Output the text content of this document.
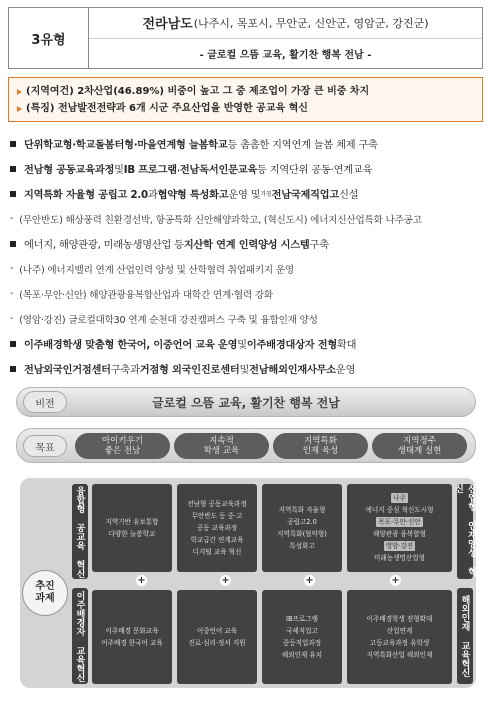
3유형
전라남도 (나주시, 목포시, 무안군, 신안군, 영암군, 강진군)
- 글로컬 으뜸 교육, 활기찬 행복 전남 -
(지역여건) 2차산업(46.89%) 비중이 높고 그 중 제조업이 가장 큰 비중 차지
(특징) 전남발전전략과 6개 시군 주요산업을 반영한 공교육 혁신
단위학교형·학교돌봄터형·마을연계형 늘봄학교 등 촘촘한 지역연계 늘봄 체제 구축
전남형 공동교육과정 및 IB 프로그램 , 전남독서인문교육 등 지역단위 공동·연계교육
지역특화 자율형 공립고 2.0 과 협약형 특성화고 운영 및 가칭 전남국제직업고 신설
- (무안반도) 해상풍력 친환경선박, 항공특화 신안해양과학고, (혁신도시) 에너지신산업특화 나주공고
에너지, 해양관광, 미래농생명산업 등 지산학 연계 인력양성 시스템 구축
- (나주) 에너지밸리 연계 산업인력 양성 및 산학협력 취업패키지 운영
- (목포·무안·신안) 해양관광융복합산업과 대학간 연계·협력 강화
- (영암·강진) 글로컬대학30 연계 순천대 강진캠퍼스 구축 및 융합인재 양성
이주배경학생 맞춤형 한국어, 이중언어 교육 운영 및 이주배경대상자 전형 확대
전남외국인거점센터 구축과 거점형 외국인진로센터 및 전남해외인재사무소 운영
비전	글로컬 으뜸 교육, 활기찬 행복 전남
목표
아이키우기
좋은 전남
지속적
학생 교육
지역특화
인재 육성
지역정주
생태계 실현
추진
과제
융합형 공교육 혁신
이주배경자 교육혁신
산업형 인재양성 혁신
해외인재 교육혁신
+	+	+	+
지역기반 유보통합
다양한 늘봄학교
전남형 공동교육과정
무안반도 등 중·고
공동 교육과정
학교급간 연계교육
디지털 교육 혁신
지역특화 자율형
공립고2.0
지역특화(협약형)
특성화고
나주
에너지 중심 혁신도시형
목포·무안·신안
해양관광 융복합형
영암·강진
미래농생명산업형
이주배경 문화교육
이주배경 한국어 교육
이중언어 교육
진로·심리·정서 지원
IB프로그램
국제직업고
중등직업과정
해외인재 유치
이주배경학생 전형확대
산업연계
고등교육과정 유학생
지역특화산업 해외인재
